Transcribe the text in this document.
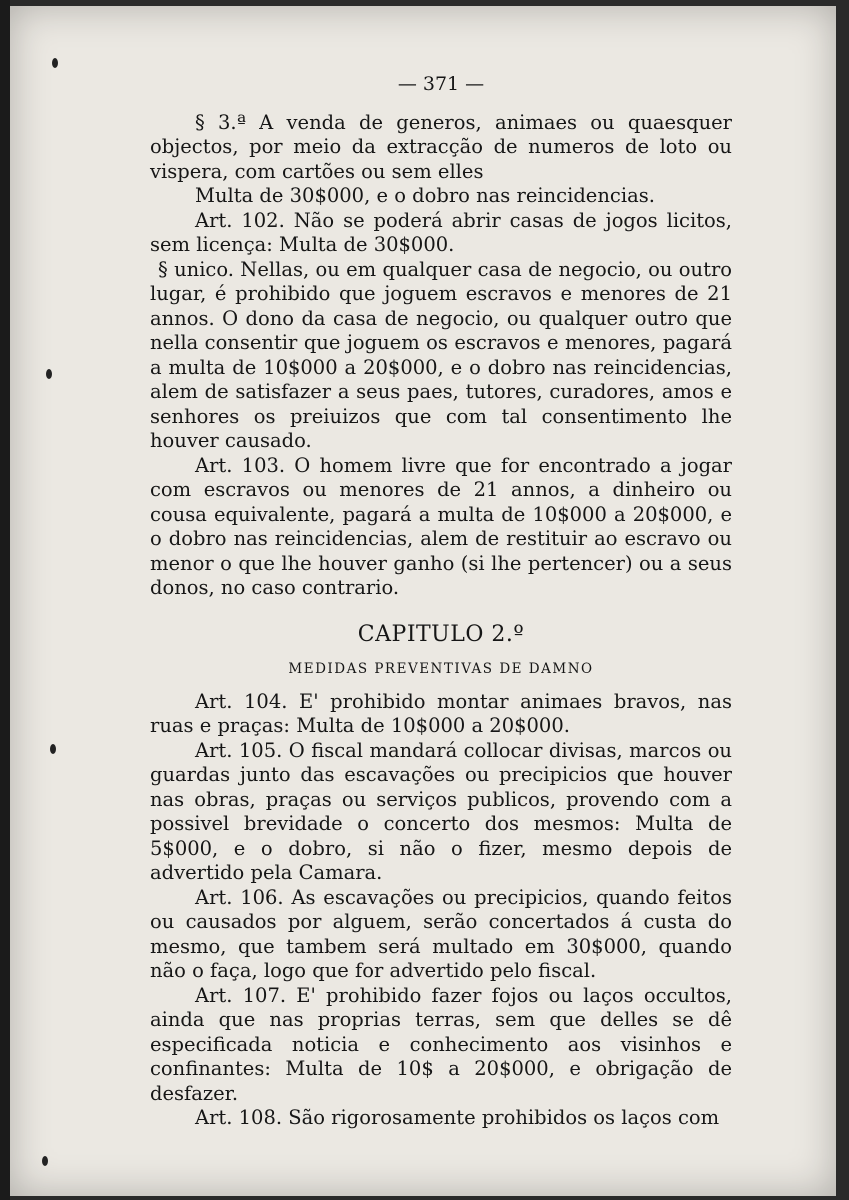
— 371 —

§ 3.ª A venda de generos, animaes ou quaesquer objectos, por meio da extracção de numeros de loto ou vispera, com cartões ou sem elles

Multa de 30$000, e o dobro nas reincidencias.

Art. 102. Não se poderá abrir casas de jogos licitos, sem licença: Multa de 30$000.

§ unico. Nellas, ou em qualquer casa de negocio, ou outro lugar, é prohibido que joguem escravos e menores de 21 annos. O dono da casa de negocio, ou qualquer outro que nella consentir que joguem os escravos e menores, pagará a multa de 10$000 a 20$000, e o dobro nas reincidencias, alem de satisfazer a seus paes, tutores, curadores, amos e senhores os preiuizos que com tal consentimento lhe houver causado.

Art. 103. O homem livre que for encontrado a jogar com escravos ou menores de 21 annos, a dinheiro ou cousa equivalente, pagará a multa de 10$000 a 20$000, e o dobro nas reincidencias, alem de restituir ao escravo ou menor o que lhe houver ganho (si lhe pertencer) ou a seus donos, no caso contrario.

CAPITULO 2.º
MEDIDAS PREVENTIVAS DE DAMNO

Art. 104. E' prohibido montar animaes bravos, nas ruas e praças: Multa de 10$000 a 20$000.

Art. 105. O fiscal mandará collocar divisas, marcos ou guardas junto das escavações ou precipicios que houver nas obras, praças ou serviços publicos, provendo com a possivel brevidade o concerto dos mesmos: Multa de 5$000, e o dobro, si não o fizer, mesmo depois de advertido pela Camara.

Art. 106. As escavações ou precipicios, quando feitos ou causados por alguem, serão concertados á custa do mesmo, que tambem será multado em 30$000, quando não o faça, logo que for advertido pelo fiscal.

Art. 107. E' prohibido fazer fojos ou laços occultos, ainda que nas proprias terras, sem que delles se dê especificada noticia e conhecimento aos visinhos e confinantes: Multa de 10$ a 20$000, e obrigação de desfazer.

Art. 108. São rigorosamente prohibidos os laços com
